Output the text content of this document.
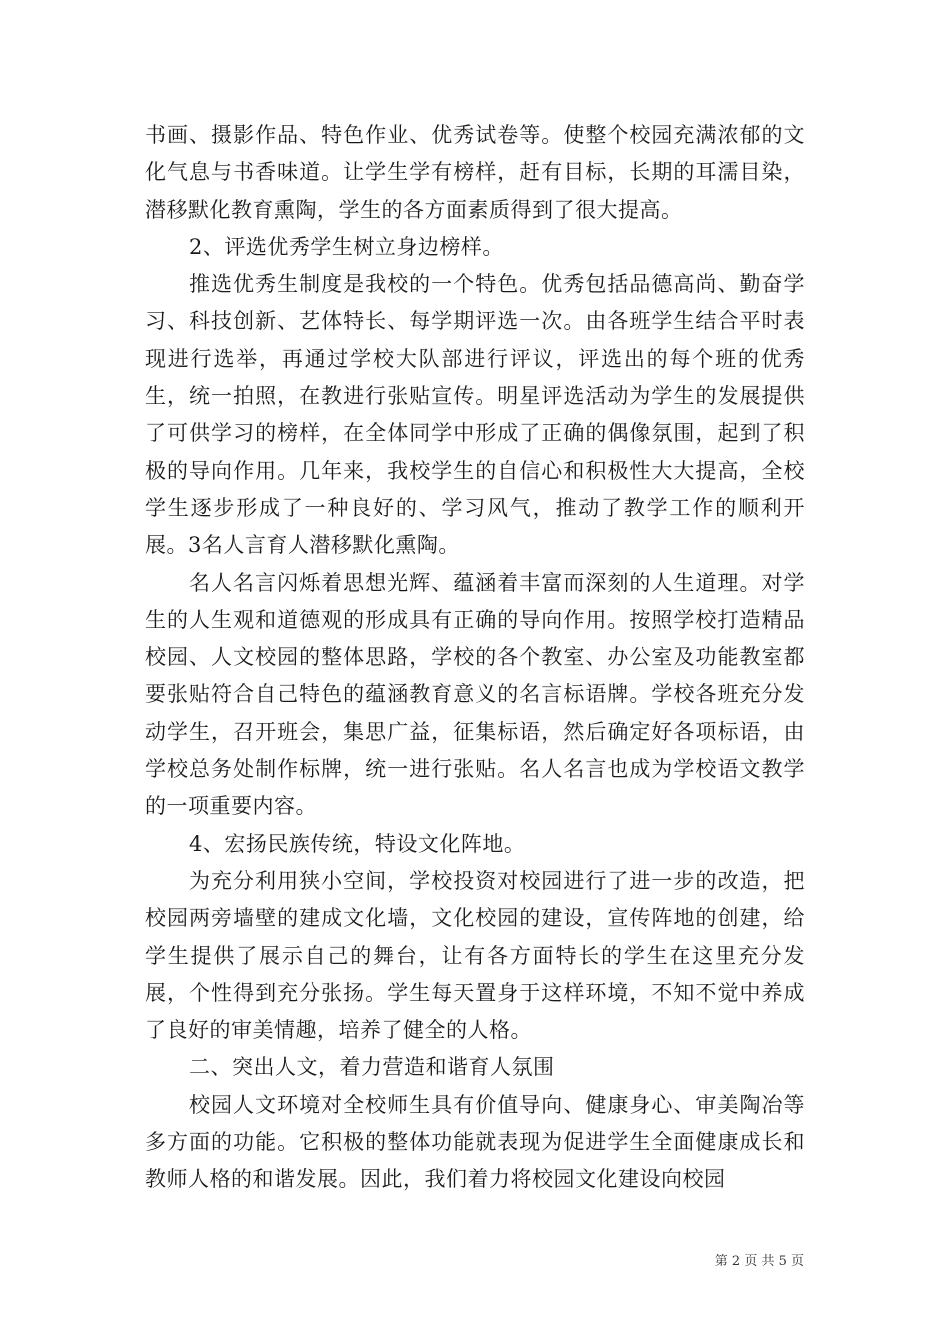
书画、摄影作品、特色作业、优秀试卷等。使整个校园充满浓郁的文化气息与书香味道。让学生学有榜样，赶有目标，长期的耳濡目染，潜移默化教育熏陶，学生的各方面素质得到了很大提高。

2、评选优秀学生树立身边榜样。

推选优秀生制度是我校的一个特色。优秀包括品德高尚、勤奋学习、科技创新、艺体特长、每学期评选一次。由各班学生结合平时表现进行选举，再通过学校大队部进行评议，评选出的每个班的优秀生，统一拍照，在教进行张贴宣传。明星评选活动为学生的发展提供了可供学习的榜样，在全体同学中形成了正确的偶像氛围，起到了积极的导向作用。几年来，我校学生的自信心和积极性大大提高，全校学生逐步形成了一种良好的、学习风气，推动了教学工作的顺利开展。3名人言育人潜移默化熏陶。

名人名言闪烁着思想光辉、蕴涵着丰富而深刻的人生道理。对学生的人生观和道德观的形成具有正确的导向作用。按照学校打造精品校园、人文校园的整体思路，学校的各个教室、办公室及功能教室都要张贴符合自己特色的蕴涵教育意义的名言标语牌。学校各班充分发动学生，召开班会，集思广益，征集标语，然后确定好各项标语，由学校总务处制作标牌，统一进行张贴。名人名言也成为学校语文教学的一项重要内容。

4、宏扬民族传统，特设文化阵地。

为充分利用狭小空间，学校投资对校园进行了进一步的改造，把校园两旁墙壁的建成文化墙，文化校园的建设，宣传阵地的创建，给学生提供了展示自己的舞台，让有各方面特长的学生在这里充分发展，个性得到充分张扬。学生每天置身于这样环境，不知不觉中养成了良好的审美情趣，培养了健全的人格。

二、突出人文，着力营造和谐育人氛围

校园人文环境对全校师生具有价值导向、健康身心、审美陶冶等多方面的功能。它积极的整体功能就表现为促进学生全面健康成长和教师人格的和谐发展。因此，我们着力将校园文化建设向校园

第 2 页 共 5 页
